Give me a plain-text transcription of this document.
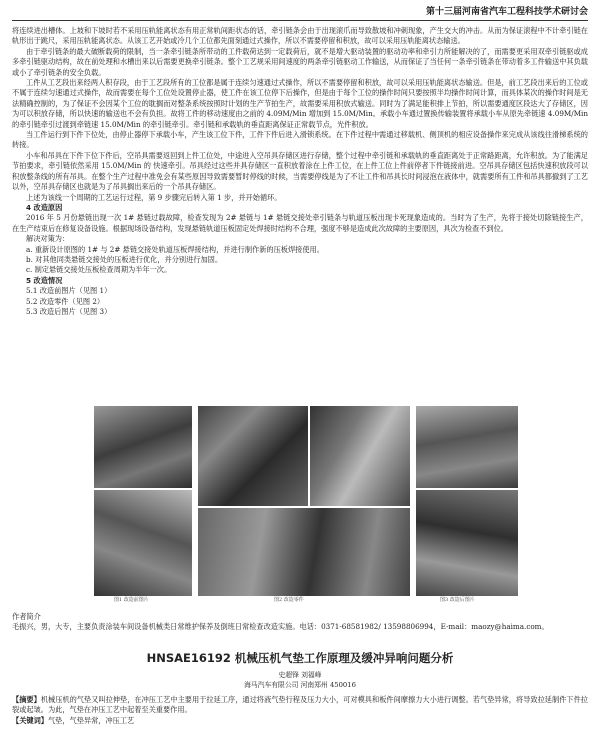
第十三届河南省汽车工程科技学术研讨会

将连续进出槽体。上坡和下坡时若不采用压轨能离状态有用正常轨间距状态的话，牵引链条会由于出现滚爪而导致散坡和冲刺现象，产生交大的冲击。从而为保证滚程中不计牵引链在轨形出于跳尺，采用压轨能离状态。从该工艺开始或冷几个工位都先面刻通过式操作，所以不需要停留和积放，故可以采用压轨能离状态输送。

由于牵引链条的最大破断载荷的限制，当一条牵引链条所带动的工件载荷达到一定载荷后，就不是增大驱动装置的驱动功率和牵引力所能解决的了，而需要更采用双牵引链驱或成多牵引链驱动结构，故在前处理和水槽出来以后需要更换牵引链条。整个工艺规采用间速度的两条牵引链驱动工作输送，从而保证了当任何一条牵引链条在带动着多工件输送中其负载或小了牵引链条的安全负载。

工件从工艺段出来经两人积存段，由于工艺段所有的工位都是属于连续匀速通过式操作，所以不需要停留和积放，故可以采用压轨能离状态输送。但是，前工艺段出来后的工位或不属于连续匀速通过式操作，故而需要在每个工位处设置停止器，使工件在该工位停下后操作，但是由于每个工位的操作时间只要按照半均操作时间计算，而具体某次的操作时间是无法精确控制的，为了保证不会因某个工位的耽搁而对整条系统按照时计划的生产节拍生产，故需要采用积放式输送。同时为了满足能积排上节拍，所以需要通度区段达大了存储区，因为可以积放存储，所以快速的输送也不会有负担。故将工件的移动速度由之前的 4.09M/Min 增加到 15.0M/Min。承载小车通过置换传输装置将承载小车从原先牵链速 4.09M/Min 的牵引链牵引过渡到牵链速 15.0M/Min 的牵引链牵引。牵引链和承载轨的垂直距离保证正常载节点，光件积放。

当工件运行到下件下位处，由停止器停下承载小车，产生该工位下件，工件下件后进入滑锁系统。在下件过程中需通过移载机、侧顶机的相应设备操作来完成从该线往滑梯系统的转接。

小车和吊具在下件下位下件后，空吊具需要返回到上件工位处，中途进入空吊具存储区进行存储，整个过程中牵引链和承载轨的垂直距离处于正常路距离，允许积放。为了能满足节拍要求，牵引链依然采用 15.0M/Min 的 快速牵引。吊具经过这些并具存储区一直积放着涂在上件工位，在上件工位上件前停者下件链接前进。空吊具存储区包括快速积放段可以积放整条线的所有吊具。在整个生产过程中准免会有某些原因导致需要暂时停线的时候，当需要停线是为了不让工件和吊具长时间浸泡在液体中，就需要所有工件和吊具都撤到了工艺以外，空吊具存储区也就是为了吊具搁出来后的一个吊具存储区。

上述为该线一个周期的工艺运行过程，第 9 步骤完后转入第 1 步，并开始循环。

4 改造原因

2016 年 5 月份悬链出现一次 1# 悬链过载故障，检查发现为 2# 悬链与 1# 悬链交接处牵引链条与轨道压板出现卡死现象造成的。当时为了生产，先将于接处切除链接生产，在生产结束后在修复设备设施。根据现场设备结构，发现悬链轨道压板固定处焊接时结构不合理，强度不够是造成此次故障的主要原因，具次为检查不到位。

解决对策为：

a. 重新设计原图的 1# 与 2# 悬链交接处轨道压板焊接结构，并进行制作新的压板焊接使用。

b. 对其他同类悬链交接处的压板进行优化，并分别进行加固。

c. 制定悬链交接处压板检查周期为半年一次。

5 改造情况

5.1 改造前图片（见图 1）

5.2 改造零件（见图 2）

5.3 改造后图片（见图 3）

图1 改造前图片	图2 改造零件	图3 改造后图片

作者简介

毛振兴，男，大专，主要负责涂装车间设备机械类日常维护保养及倒班日常检查改造实施。电话：0371-68581982/ 13598806994，E-mail：maozy@haima.com。

HNSAE16192 机械压机气垫工作原理及缓冲异响问题分析
史超锋 刘福峰
海马汽车有限公司 河南郑州 450016

【摘要】机械压机的气垫又叫拉伸垫，在冲压工艺中主要用于拉延工序，通过将液气垫行程及压力大小，可对模具和板件间摩擦力大小进行调整。若气垫异常，将导致拉延制件下件拉裂或起皱。为此，气垫在冲压工艺中起着至关重要作用。

【关键词】气垫，气垫异常，冲压工艺
